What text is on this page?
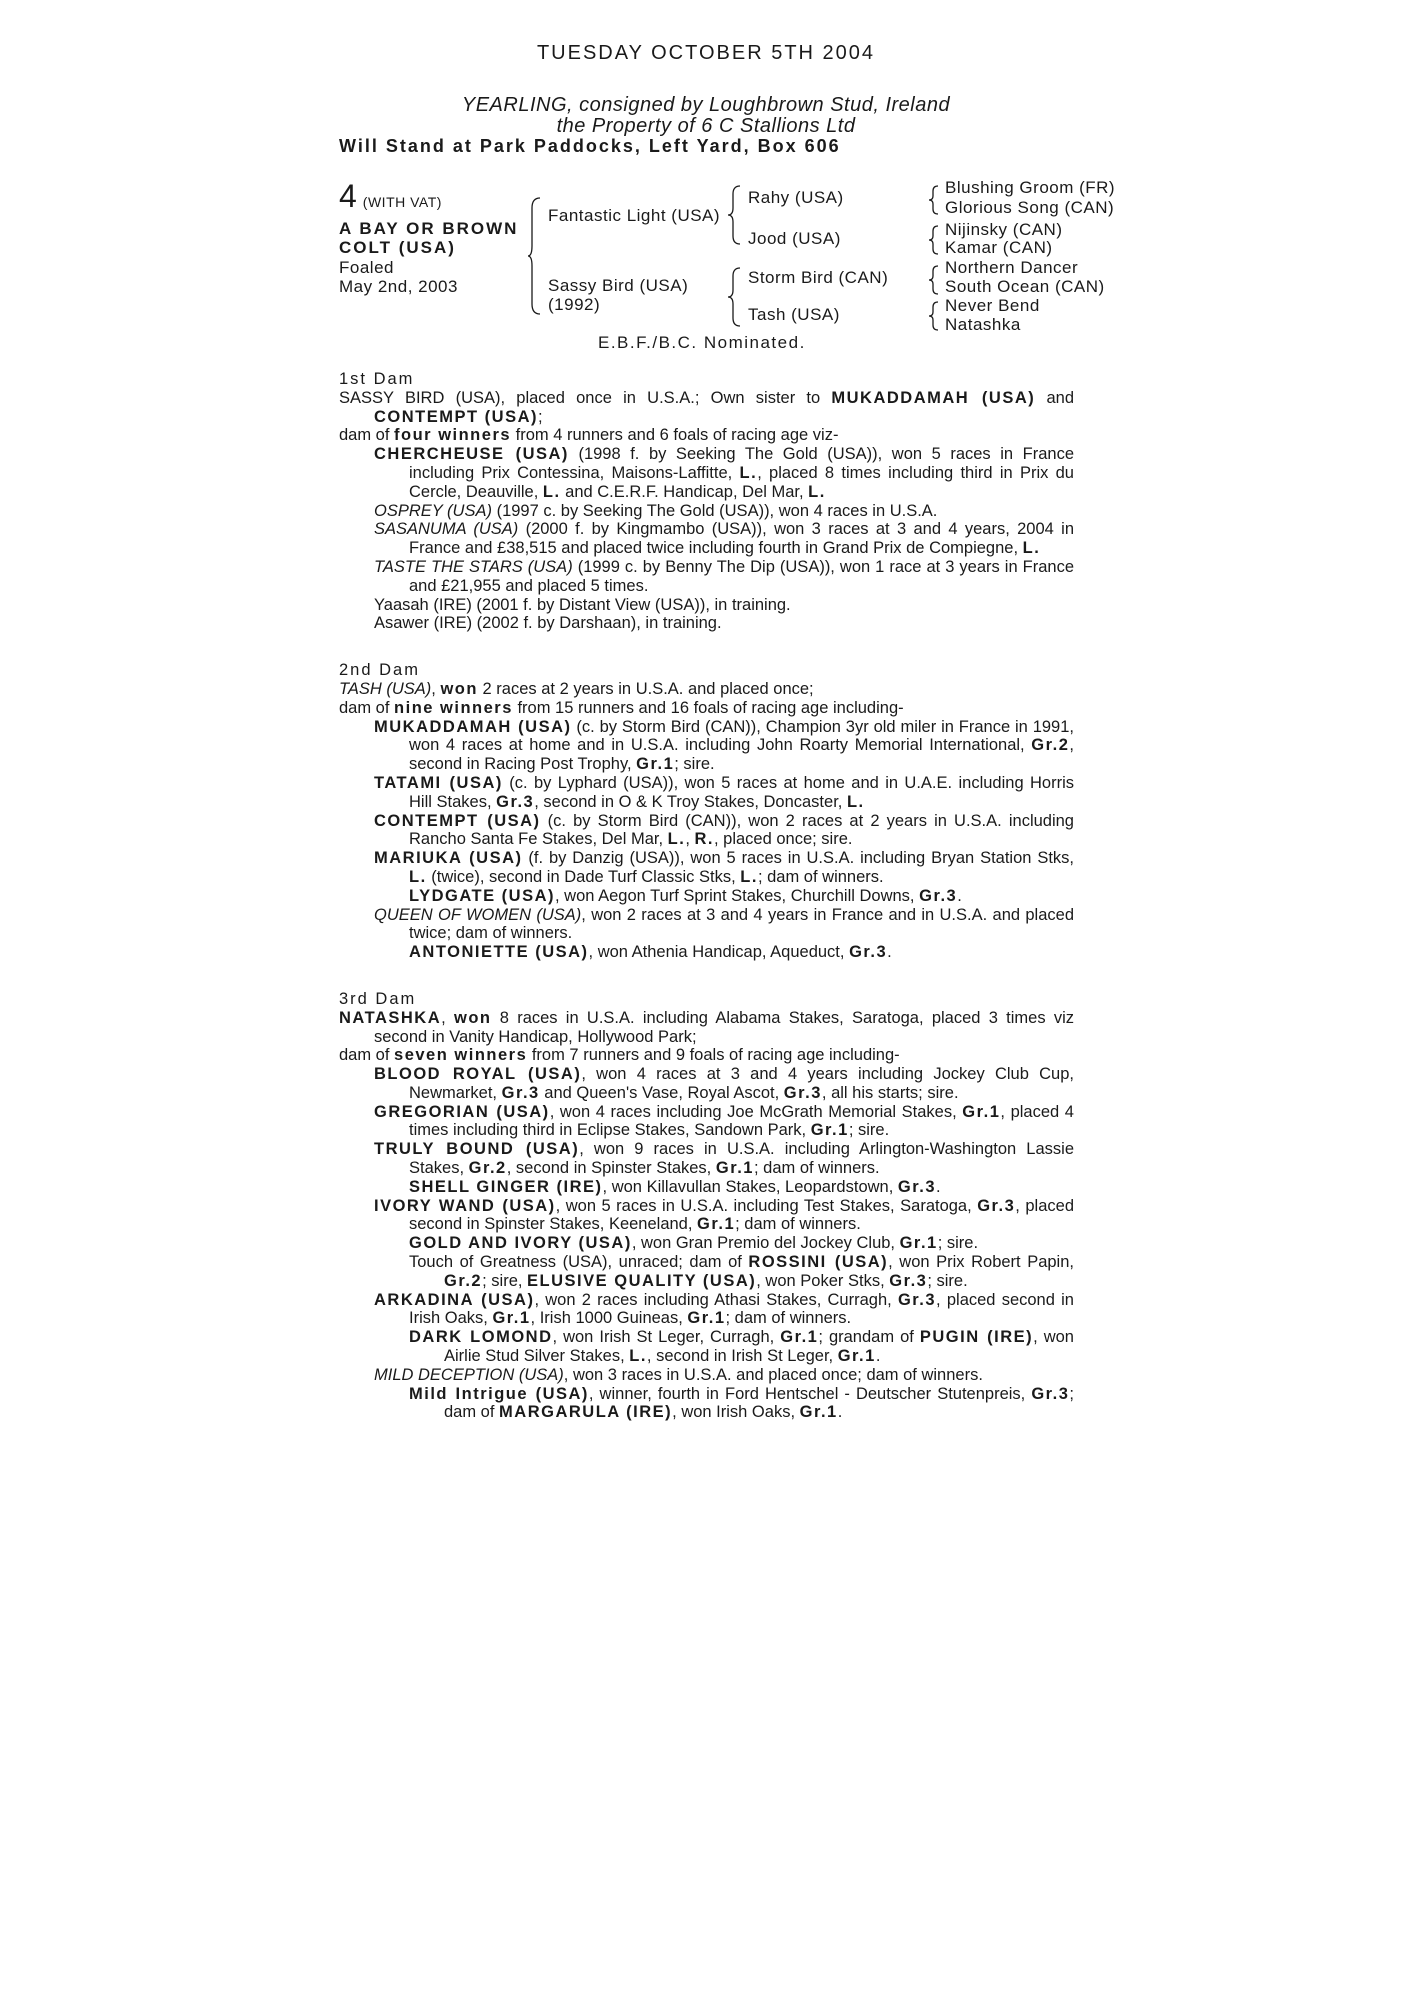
TUESDAY OCTOBER 5TH 2004
YEARLING, consigned by Loughbrown Stud, Ireland
the Property of 6 C Stallions Ltd
Will Stand at Park Paddocks, Left Yard, Box 606
4 (WITH VAT)
A BAY OR BROWN
COLT (USA)
Foaled
May 2nd, 2003
Fantastic Light (USA)
Sassy Bird (USA)
(1992)
Rahy (USA)
Jood (USA)
Storm Bird (CAN)
Tash (USA)
Blushing Groom (FR)
Glorious Song (CAN)
Nijinsky (CAN)
Kamar (CAN)
Northern Dancer
South Ocean (CAN)
Never Bend
Natashka
E.B.F./B.C. Nominated.

1st Dam

SASSY BIRD (USA), placed once in U.S.A.; Own sister to MUKADDAMAH (USA) and CONTEMPT (USA);

dam of four winners from 4 runners and 6 foals of racing age viz-

CHERCHEUSE (USA) (1998 f. by Seeking The Gold (USA)), won 5 races in France including Prix Contessina, Maisons-Laffitte, L., placed 8 times including third in Prix du Cercle, Deauville, L. and C.E.R.F. Handicap, Del Mar, L.

OSPREY (USA) (1997 c. by Seeking The Gold (USA)), won 4 races in U.S.A.

SASANUMA (USA) (2000 f. by Kingmambo (USA)), won 3 races at 3 and 4 years, 2004 in France and £38,515 and placed twice including fourth in Grand Prix de Compiegne, L.

TASTE THE STARS (USA) (1999 c. by Benny The Dip (USA)), won 1 race at 3 years in France and £21,955 and placed 5 times.

Yaasah (IRE) (2001 f. by Distant View (USA)), in training.

Asawer (IRE) (2002 f. by Darshaan), in training.

2nd Dam

TASH (USA), won 2 races at 2 years in U.S.A. and placed once;

dam of nine winners from 15 runners and 16 foals of racing age including-

MUKADDAMAH (USA) (c. by Storm Bird (CAN)), Champion 3yr old miler in France in 1991, won 4 races at home and in U.S.A. including John Roarty Memorial International, Gr.2, second in Racing Post Trophy, Gr.1; sire.

TATAMI (USA) (c. by Lyphard (USA)), won 5 races at home and in U.A.E. including Horris Hill Stakes, Gr.3, second in O & K Troy Stakes, Doncaster, L.

CONTEMPT (USA) (c. by Storm Bird (CAN)), won 2 races at 2 years in U.S.A. including Rancho Santa Fe Stakes, Del Mar, L., R., placed once; sire.

MARIUKA (USA) (f. by Danzig (USA)), won 5 races in U.S.A. including Bryan Station Stks, L. (twice), second in Dade Turf Classic Stks, L.; dam of winners.

LYDGATE (USA), won Aegon Turf Sprint Stakes, Churchill Downs, Gr.3.

QUEEN OF WOMEN (USA), won 2 races at 3 and 4 years in France and in U.S.A. and placed twice; dam of winners.

ANTONIETTE (USA), won Athenia Handicap, Aqueduct, Gr.3.

3rd Dam

NATASHKA, won 8 races in U.S.A. including Alabama Stakes, Saratoga, placed 3 times viz second in Vanity Handicap, Hollywood Park;

dam of seven winners from 7 runners and 9 foals of racing age including-

BLOOD ROYAL (USA), won 4 races at 3 and 4 years including Jockey Club Cup, Newmarket, Gr.3 and Queen's Vase, Royal Ascot, Gr.3, all his starts; sire.

GREGORIAN (USA), won 4 races including Joe McGrath Memorial Stakes, Gr.1, placed 4 times including third in Eclipse Stakes, Sandown Park, Gr.1; sire.

TRULY BOUND (USA), won 9 races in U.S.A. including Arlington-Washington Lassie Stakes, Gr.2, second in Spinster Stakes, Gr.1; dam of winners.

SHELL GINGER (IRE), won Killavullan Stakes, Leopardstown, Gr.3.

IVORY WAND (USA), won 5 races in U.S.A. including Test Stakes, Saratoga, Gr.3, placed second in Spinster Stakes, Keeneland, Gr.1; dam of winners.

GOLD AND IVORY (USA), won Gran Premio del Jockey Club, Gr.1; sire.

Touch of Greatness (USA), unraced; dam of ROSSINI (USA), won Prix Robert Papin, Gr.2; sire, ELUSIVE QUALITY (USA), won Poker Stks, Gr.3; sire.

ARKADINA (USA), won 2 races including Athasi Stakes, Curragh, Gr.3, placed second in Irish Oaks, Gr.1, Irish 1000 Guineas, Gr.1; dam of winners.

DARK LOMOND, won Irish St Leger, Curragh, Gr.1; grandam of PUGIN (IRE), won Airlie Stud Silver Stakes, L., second in Irish St Leger, Gr.1.

MILD DECEPTION (USA), won 3 races in U.S.A. and placed once; dam of winners.

Mild Intrigue (USA), winner, fourth in Ford Hentschel - Deutscher Stutenpreis, Gr.3; dam of MARGARULA (IRE), won Irish Oaks, Gr.1.
